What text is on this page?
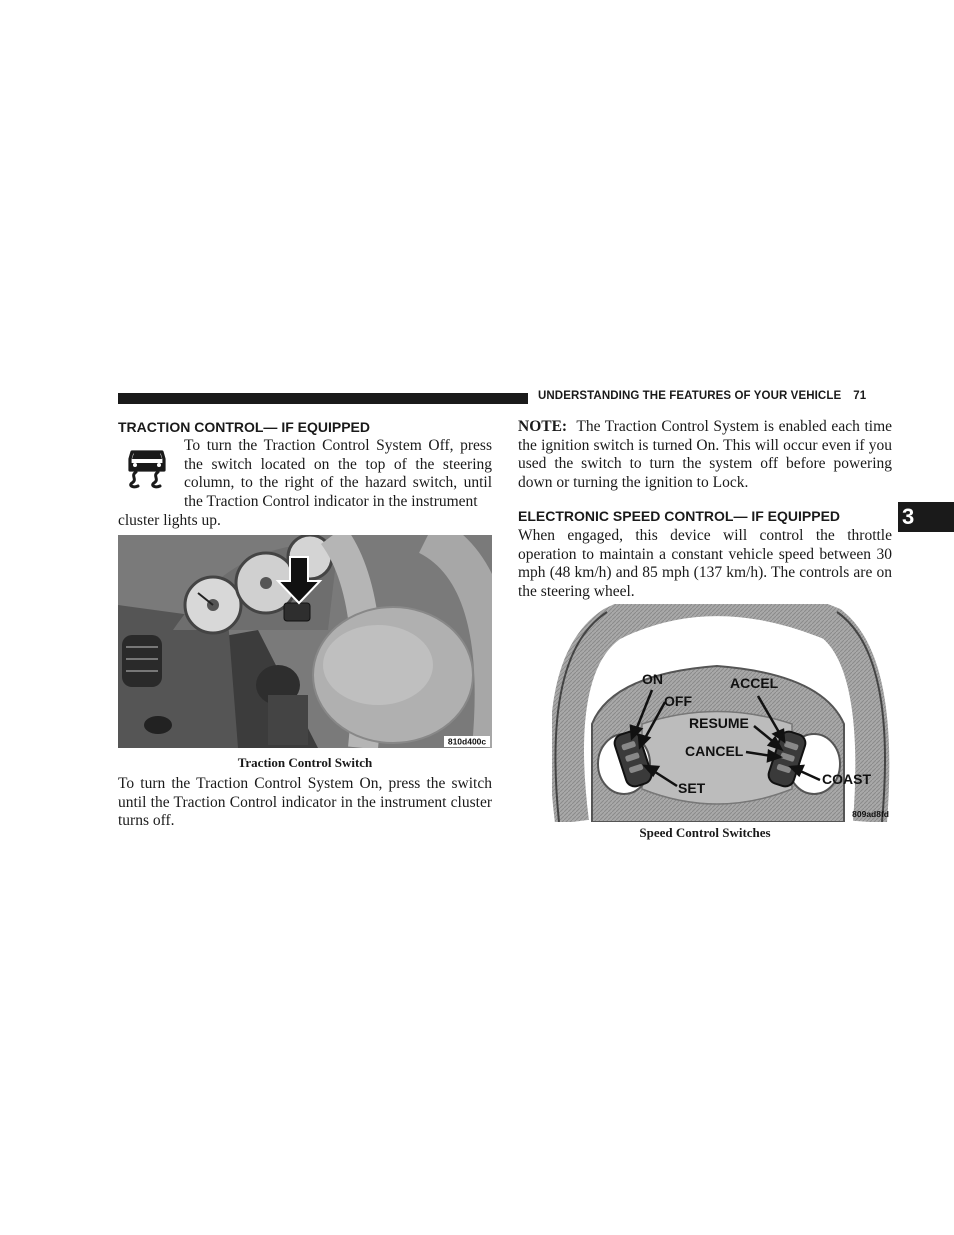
UNDERSTANDING THE FEATURES OF YOUR VEHICLE 71
3
TRACTION CONTROL— IF EQUIPPED

To turn the Traction Control System Off, press the switch located on the top of the steering column, to the right of the hazard switch, until the Traction Control indicator in the instrument

cluster lights up.

810d400c
Traction Control Switch

To turn the Traction Control System On, press the switch until the Traction Control indicator in the instrument cluster turns off.

NOTE: The Traction Control System is enabled each time the ignition switch is turned On. This will occur even if you used the switch to turn the system off before powering down or turning the ignition to Lock.

ELECTRONIC SPEED CONTROL— IF EQUIPPED

When engaged, this device will control the throttle operation to maintain a constant vehicle speed between 30 mph (48 km/h) and 85 mph (137 km/h). The controls are on the steering wheel.

ON
OFF
SET
ACCEL
RESUME
CANCEL
COAST
809ad8fd
Speed Control Switches
